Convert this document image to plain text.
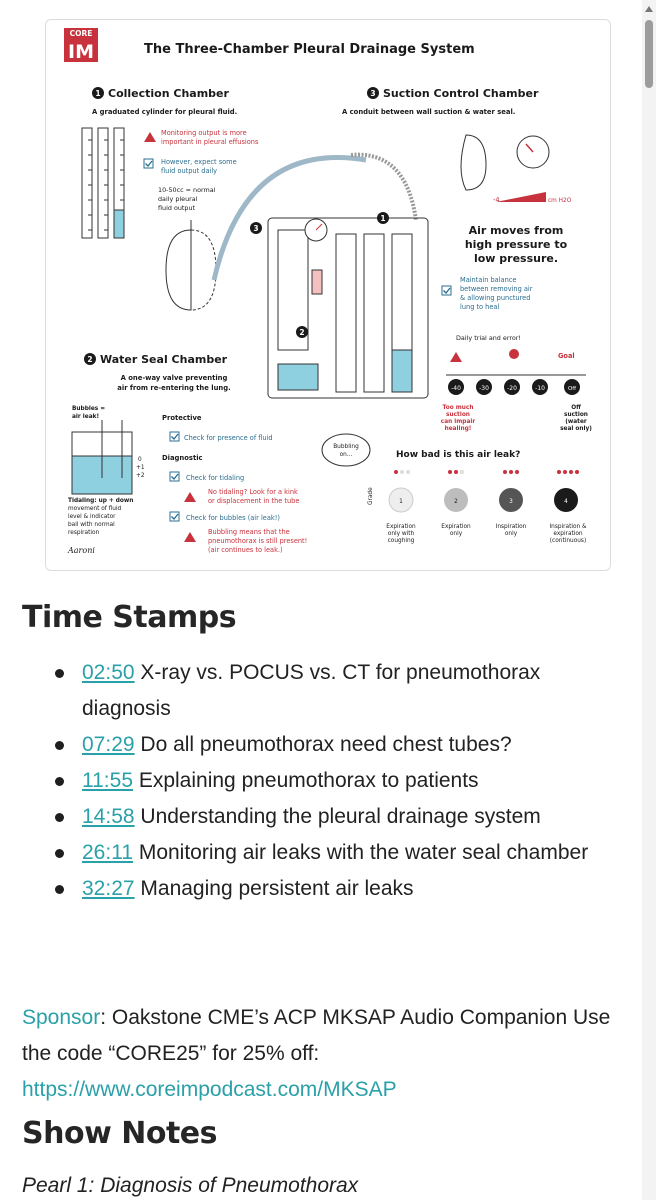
CORE
IM	The Three-Chamber Pleural Drainage System
1 Collection Chamber
A graduated cylinder for pleural fluid.
Monitoring output is more
important in pleural effusions
However, expect some
fluid output daily
10-50cc = normal
daily pleural
fluid output
3
1
2
3 Suction Control Chamber
A conduit between wall suction & water seal.
-4	-20 cm H2O
Air moves from
high pressure to
low pressure.
Maintain balance
between removing air
& allowing punctured
lung to heal
Daily trial and error!
Goal
-40	-30	-20	-10	Off
Too much
suction
can impair
healing!
Off
suction
(water
seal only)
2 Water Seal Chamber
A one-way valve preventing
air from re-entering the lung.
Bubbles =
air leak!
0
+1
+2
Tidaling: up + down
movement of fluid
level & indicator
ball with normal
respiration
Aaroni
Protective
Check for presence of fluid
Diagnostic
Check for tidaling
No tidaling? Look for a kink
or displacement in the tube
Check for bubbles (air leak!)
Bubbling means that the
pneumothorax is still present!
(air continues to leak.)
Bubbling
on...	How bad is this air leak?
Grade	1	2	3	4
Expiration
only with
coughing
Expiration
only
Inspiration
only
Inspiration &
expiration
(continuous)
Time Stamps
02:50 X-ray vs. POCUS vs. CT for pneumothorax diagnosis
07:29 Do all pneumothorax need chest tubes?
11:55 Explaining pneumothorax to patients
14:58 Understanding the pleural drainage system
26:11 Monitoring air leaks with the water seal chamber
32:27 Managing persistent air leaks
Sponsor: Oakstone CME’s ACP MKSAP Audio Companion Use the code “CORE25” for 25% off: https://www.coreimpodcast.com/MKSAP
Show Notes
Pearl 1: Diagnosis of Pneumothorax
